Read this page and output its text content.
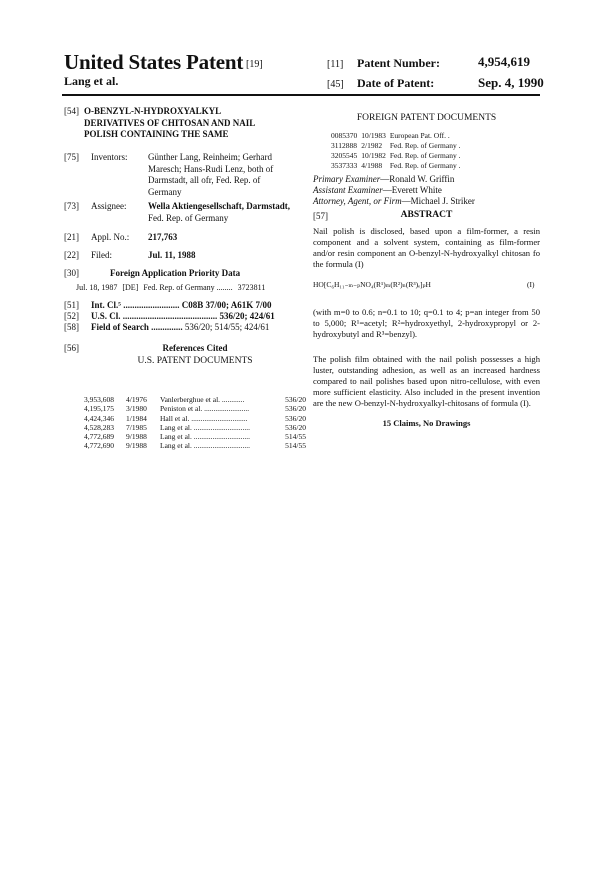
United States Patent [19]
Lang et al.
[11] Patent Number:	4,954,619
[45] Date of Patent:	Sep. 4, 1990
[54] O-BENZYL-N-HYDROXYALKYL
DERIVATIVES OF CHITOSAN AND NAIL
POLISH CONTAINING THE SAME
[75] Inventors: Günther Lang, Reinheim; Gerhard
Maresch; Hans-Rudi Lenz, both of
Darmstadt, all ofr, Fed. Rep. of
Germany
[73] Assignee: Wella Aktiengesellschaft, Darmstadt,
Fed. Rep. of Germany
[21] Appl. No.: 217,763
[22] Filed:	Jul. 11, 1988
[30]	Foreign Application Priority Data
Jul. 18, 1987 [DE] Fed. Rep. of Germany ........ 3723811
[51] Int. Cl.⁵ ......................... C08B 37/00; A61K 7/00
[52] U.S. Cl. .......................................... 536/20; 424/61
[58] Field of Search .............. 536/20; 514/55; 424/61
[56]	References Cited
U.S. PATENT DOCUMENTS
3,953,608	4/1976	Vanlerberghue et al. ............	536/20
4,195,175	3/1980	Peniston et al. ........................	536/20
4,424,346	1/1984	Hall et al. ..............................	536/20
4,528,283	7/1985	Lang et al. ..............................	536/20
4,772,689	9/1988	Lang et al. ..............................	514/55
4,772,690	9/1988	Lang et al. ..............................	514/55
FOREIGN PATENT DOCUMENTS
0085370	10/1983	European Pat. Off. .
3112888	2/1982	Fed. Rep. of Germany .
3205545	10/1982	Fed. Rep. of Germany .
3537333	4/1988	Fed. Rep. of Germany .
Primary Examiner—Ronald W. Griffin
Assistant Examiner—Everett White
Attorney, Agent, or Firm—Michael J. Striker
[57]	ABSTRACT
Nail polish is disclosed, based upon a film-former, a resin component and a solvent system, containing as film-former and/or resin component an O-benzyl-N-hydroxyalkyl chitosan fo the formula (I)
HO[C₆H₁₁₋ₘ₋ₚNO₄(R¹)ₘ(R²)ₙ(R³)ₑ]ₚH	(I)
(with m=0 to 0.6; n=0.1 to 10; q=0.1 to 4; p=an integer from 50 to 5,000; R¹=acetyl; R²=hydroxyethyl, 2-hydroxypropyl or 2-hydroxybutyl and R³=benzyl).
The polish film obtained with the nail polish possesses a high luster, outstanding adhesion, as well as an increased hardness compared to nail polishes based upon nitro-cellulose, with even more sufficient elasticity. Also included in the present invention are the new O-benzyl-N-hydroxyalkyl-chitosans of formula (I).
15 Claims, No Drawings
